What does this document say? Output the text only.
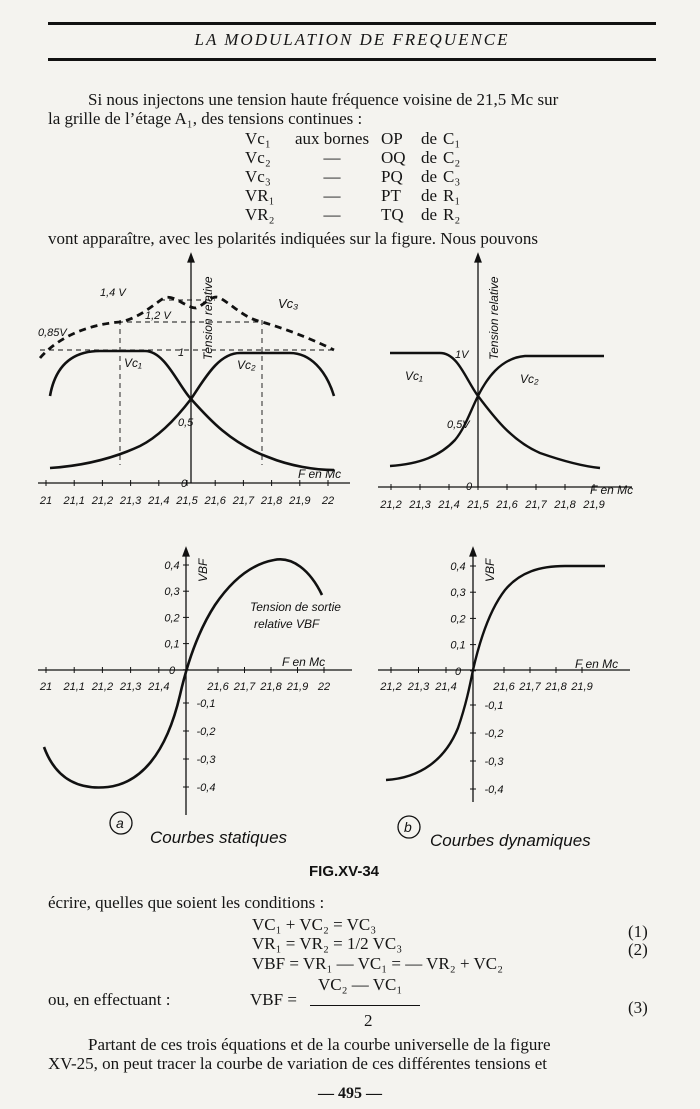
LA MODULATION DE FREQUENCE
Si nous injectons une tension haute fréquence voisine de 21,5 Mc sur
la grille de l’étage A₁, des tensions continues :
Vc₁	aux bornes OP	de C₁
Vc₂	—	OQ de C₂
Vc₃	—	PQ	de C₃
VR₁	—	PT	de R₁
VR₂	—	TQ	de R₂
vont apparaître, avec les polarités indiquées sur la figure. Nous pouvons
Tension relative
F en Mc
1,4 V
1,2 V
0,85V
Vc₁	Vc₂
Vc₃
0
0,5
1
21 21,1 21,2 21,3 21,4 21,5 21,6 21,7 21,8 21,9 22
Tension relative
F en Mc
Vc₁	Vc₂
0
0,5V
1V
21,2 21,3 21,4 21,5 21,6 21,7 21,8 21,9
VBF
F en Mc
Tension de sortie
relative VBF
21 21,1 21,2 21,3 21,4	21,6 21,7 21,8 21,9 22
0,4
0,3
0,2
0,1
0
-0,1
-0,2
-0,3
-0,4
VBF
F en Mc
21,2 21,3 21,4	21,6 21,7 21,8 21,9
0,4
0,3
0,2
0,1
0
-0,1
-0,2
-0,3
-0,4
a
Courbes statiques
b
Courbes dynamiques
FIG.XV-34
écrire, quelles que soient les conditions :
VC₁ + VC₂ = VC₃	(1)
VR₁ = VR₂ = 1/2 VC₃	(2)
VBF = VR₁ — VC₁ = — VR₂ + VC₂
ou, en effectuant :	VBF =
VC₂ — VC₁
2
(3)
Partant de ces trois équations et de la courbe universelle de la figure
XV-25, on peut tracer la courbe de variation de ces différentes tensions et
— 495 —
